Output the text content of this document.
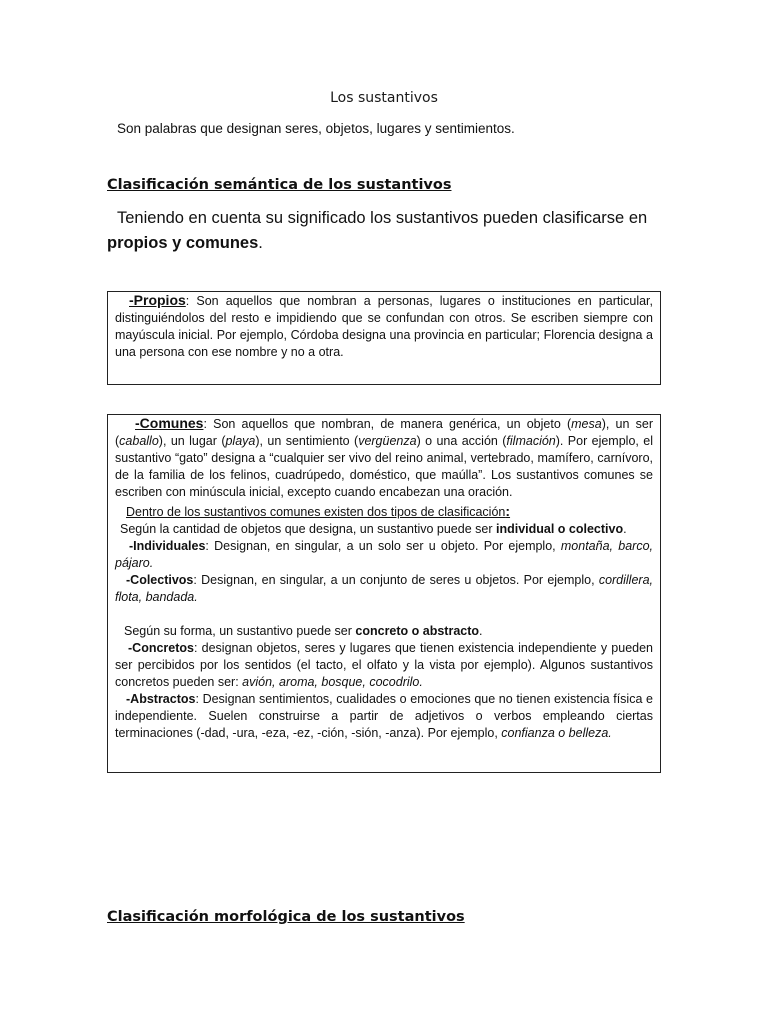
Los sustantivos
Son palabras que designan seres, objetos, lugares y sentimientos.
Clasificación semántica de los sustantivos
Teniendo en cuenta su significado los sustantivos pueden clasificarse en propios y comunes.

-Propios: Son aquellos que nombran a personas, lugares o instituciones en particular, distinguiéndolos del resto e impidiendo que se confundan con otros. Se escriben siempre con mayúscula inicial. Por ejemplo, Córdoba designa una provincia en particular; Florencia designa a una persona con ese nombre y no a otra.

-Comunes: Son aquellos que nombran, de manera genérica, un objeto (mesa), un ser (caballo), un lugar (playa), un sentimiento (vergüenza) o una acción (filmación). Por ejemplo, el sustantivo “gato” designa a “cualquier ser vivo del reino animal, vertebrado, mamífero, carnívoro, de la familia de los felinos, cuadrúpedo, doméstico, que maúlla”. Los sustantivos comunes se escriben con minúscula inicial, excepto cuando encabezan una oración.

Dentro de los sustantivos comunes existen dos tipos de clasificación:

Según la cantidad de objetos que designa, un sustantivo puede ser individual o colectivo.

-Individuales: Designan, en singular, a un solo ser u objeto. Por ejemplo, montaña, barco, pájaro.

-Colectivos: Designan, en singular, a un conjunto de seres u objetos. Por ejemplo, cordillera, flota, bandada.

Según su forma, un sustantivo puede ser concreto o abstracto.

-Concretos: designan objetos, seres y lugares que tienen existencia independiente y pueden ser percibidos por los sentidos (el tacto, el olfato y la vista por ejemplo). Algunos sustantivos concretos pueden ser: avión, aroma, bosque, cocodrilo.

-Abstractos: Designan sentimientos, cualidades o emociones que no tienen existencia física e independiente. Suelen construirse a partir de adjetivos o verbos empleando ciertas terminaciones (-dad, -ura, -eza, -ez, -ción, -sión, -anza). Por ejemplo, confianza o belleza.

Clasificación morfológica de los sustantivos
